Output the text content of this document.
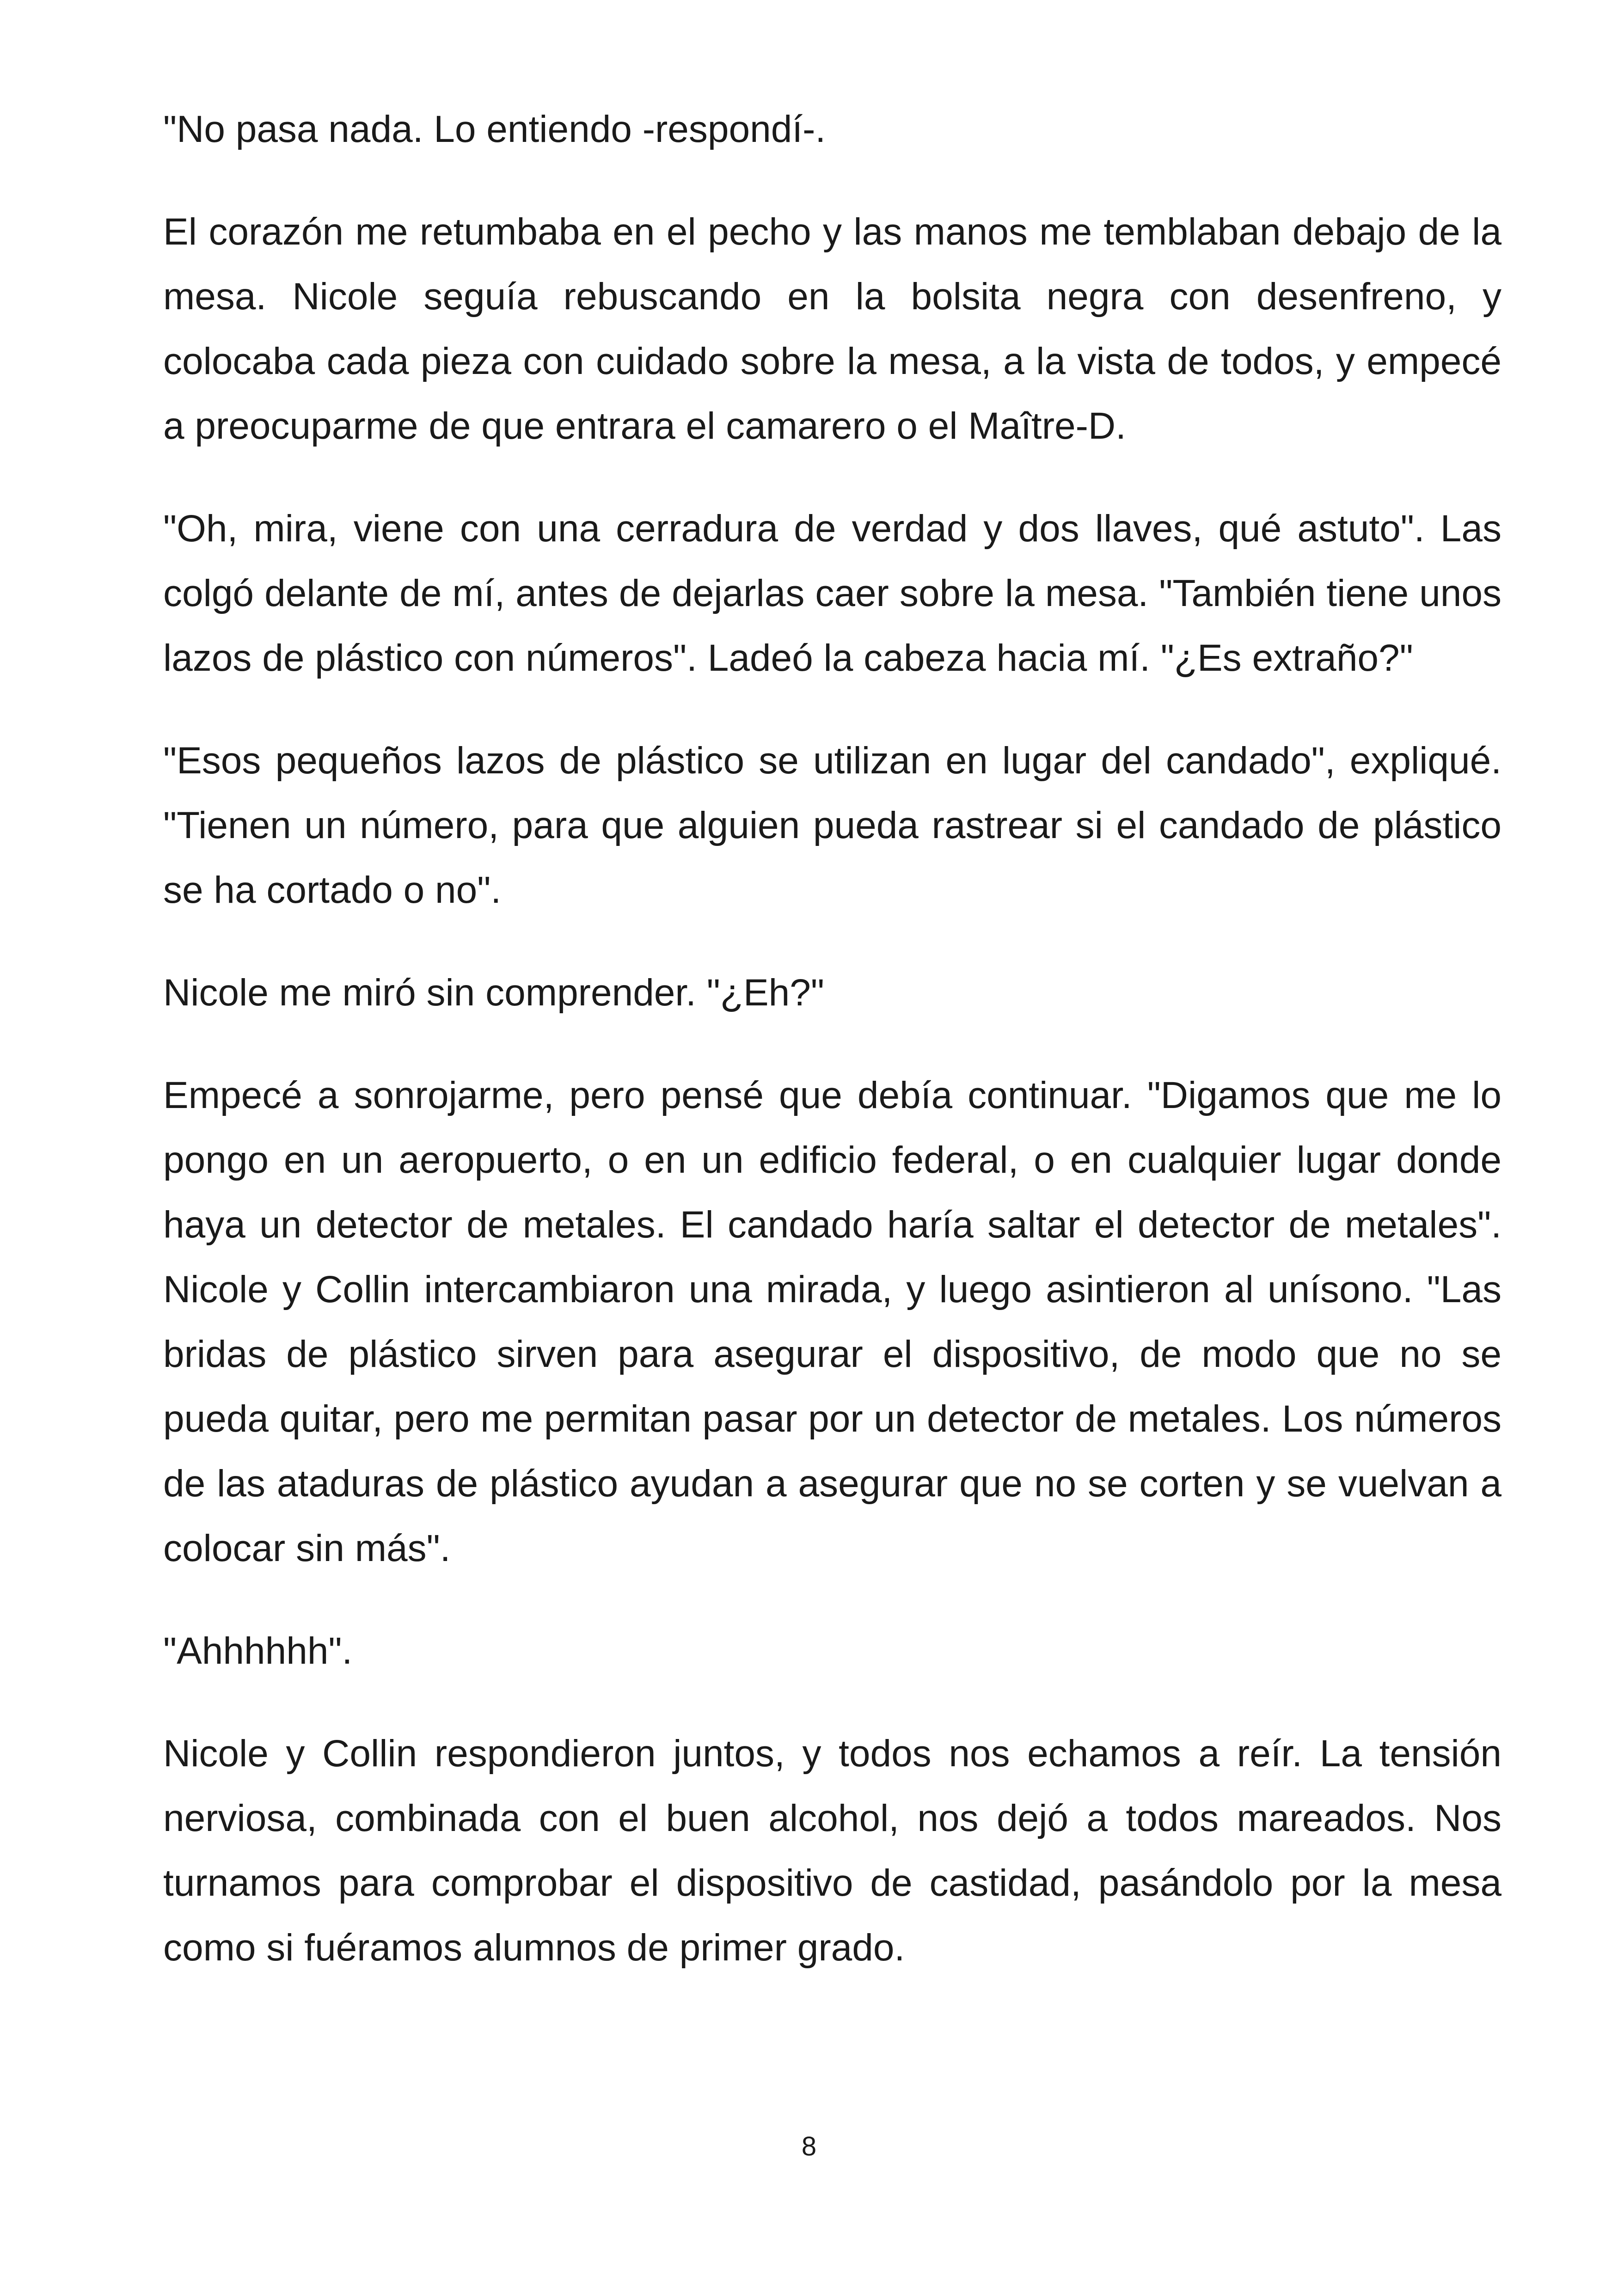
"No pasa nada. Lo entiendo -respondí-.

El corazón me retumbaba en el pecho y las manos me temblaban debajo de la mesa. Nicole seguía rebuscando en la bolsita negra con desenfreno, y colocaba cada pieza con cuidado sobre la mesa, a la vista de todos, y empecé a preocuparme de que entrara el camarero o el Maître-D.

"Oh, mira, viene con una cerradura de verdad y dos llaves, qué astuto". Las colgó delante de mí, antes de dejarlas caer sobre la mesa. "También tiene unos lazos de plástico con números". Ladeó la cabeza hacia mí. "¿Es extraño?"

"Esos pequeños lazos de plástico se utilizan en lugar del candado", expliqué. "Tienen un número, para que alguien pueda rastrear si el candado de plástico se ha cortado o no".

Nicole me miró sin comprender. "¿Eh?"

Empecé a sonrojarme, pero pensé que debía continuar. "Digamos que me lo pongo en un aeropuerto, o en un edificio federal, o en cualquier lugar donde haya un detector de metales. El candado haría saltar el detector de metales". Nicole y Collin intercambiaron una mirada, y luego asintieron al unísono. "Las bridas de plástico sirven para asegurar el dispositivo, de modo que no se pueda quitar, pero me permitan pasar por un detector de metales. Los números de las ataduras de plástico ayudan a asegurar que no se corten y se vuelvan a colocar sin más".

"Ahhhhhh".

Nicole y Collin respondieron juntos, y todos nos echamos a reír. La tensión nerviosa, combinada con el buen alcohol, nos dejó a todos mareados. Nos turnamos para comprobar el dispositivo de castidad, pasándolo por la mesa como si fuéramos alumnos de primer grado.

8
